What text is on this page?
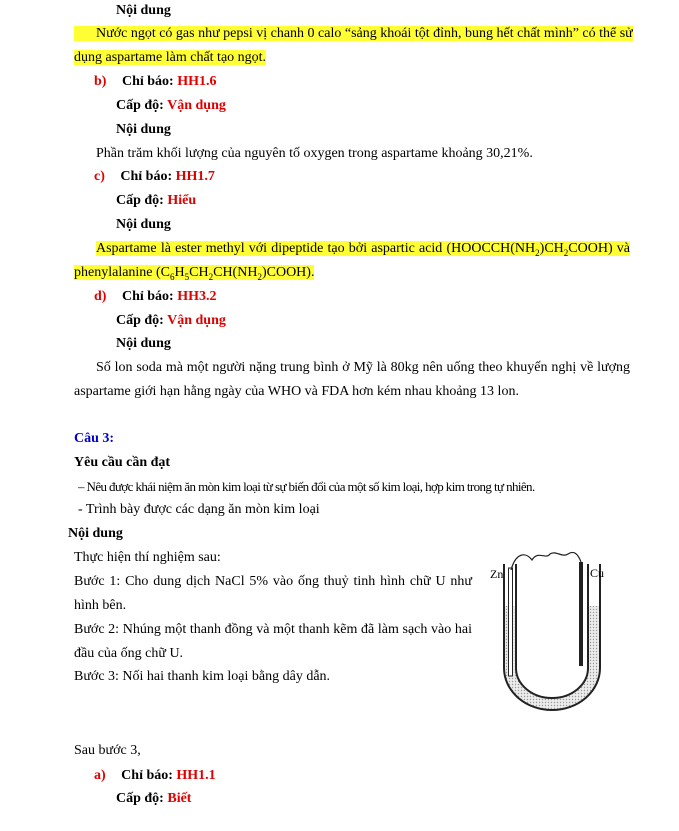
Nội dung
Nước ngọt có gas như pepsi vị chanh 0 calo “sảng khoái tột đỉnh, bung hết chất mình” có thể sử
dụng aspartame làm chất tạo ngọt.
b) Chỉ báo: HH1.6
Cấp độ: Vận dụng
Nội dung
Phần trăm khối lượng của nguyên tố oxygen trong aspartame khoảng 30,21%.
c) Chỉ báo: HH1.7
Cấp độ: Hiểu
Nội dung
Aspartame là ester methyl với dipeptide tạo bởi aspartic acid $(HOOCCH(NH_2)CH_2COOH)$ và
phenylalanine $(C_6H_5CH_2CH(NH_2)COOH)$.
d) Chỉ báo: HH3.2
Cấp độ: Vận dụng
Nội dung
Số lon soda mà một người nặng trung bình ở Mỹ là 80kg nên uống theo khuyến nghị về lượng
aspartame giới hạn hằng ngày của WHO và FDA hơn kém nhau khoảng 13 lon.
Câu 3:
Yêu cầu cần đạt
– Nêu được khái niệm ăn mòn kim loại từ sự biến đổi của một số kim loại, hợp kim trong tự nhiên.
- Trình bày được các dạng ăn mòn kim loại
Nội dung
Thực hiện thí nghiệm sau:
Bước 1: Cho dung dịch NaCl 5% vào ống thuỷ tinh hình chữ U như
hình bên.
Bước 2: Nhúng một thanh đồng và một thanh kẽm đã làm sạch vào hai
đầu của ống chữ U.
Bước 3: Nối hai thanh kim loại bằng dây dẫn.
Zn	Cu
Sau bước 3,
a) Chỉ báo: HH1.1
Cấp độ: Biết
